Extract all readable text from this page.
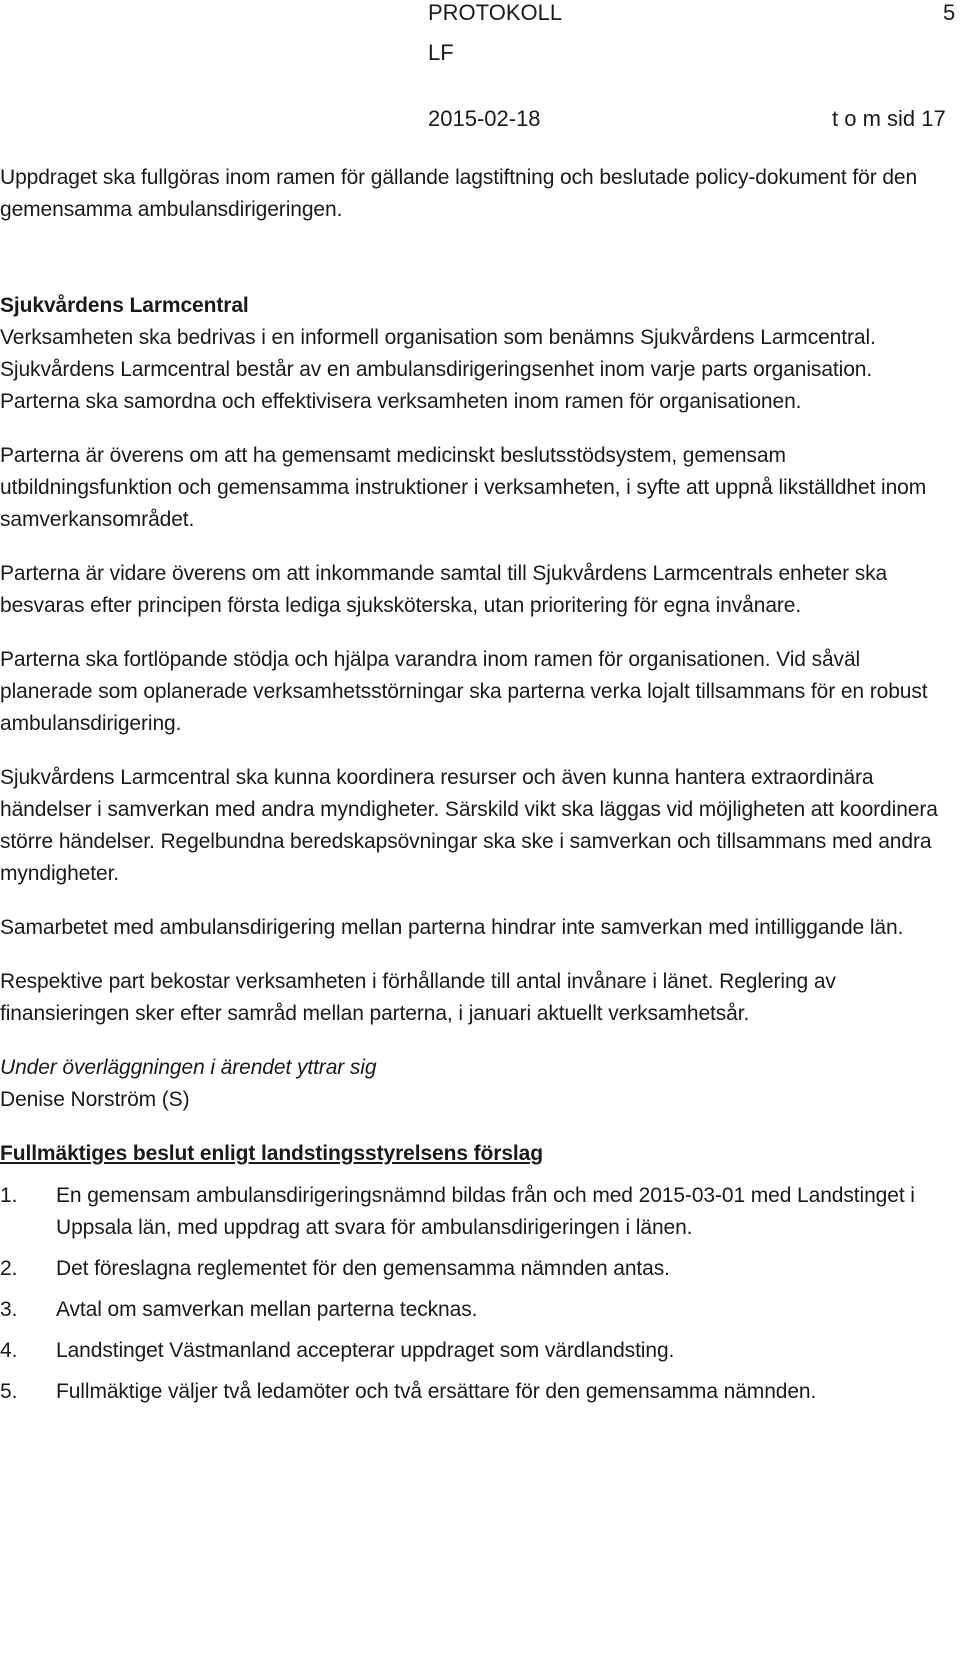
PROTOKOLL	5
LF
2015-02-18	t o m sid 17

Uppdraget ska fullgöras inom ramen för gällande lagstiftning och beslutade policy-dokument för den gemensamma ambulansdirigeringen.

Sjukvårdens Larmcentral

Verksamheten ska bedrivas i en informell organisation som benämns Sjukvårdens Larmcentral. Sjukvårdens Larmcentral består av en ambulansdirigeringsenhet inom varje parts organisation. Parterna ska samordna och effektivisera verksamheten inom ramen för organisationen.

Parterna är överens om att ha gemensamt medicinskt beslutsstödsystem, gemensam utbildningsfunktion och gemensamma instruktioner i verksamheten, i syfte att uppnå likställdhet inom samverkansområdet.

Parterna är vidare överens om att inkommande samtal till Sjukvårdens Larmcentrals enheter ska besvaras efter principen första lediga sjuksköterska, utan prioritering för egna invånare.

Parterna ska fortlöpande stödja och hjälpa varandra inom ramen för organisationen. Vid såväl planerade som oplanerade verksamhetsstörningar ska parterna verka lojalt tillsammans för en robust ambulansdirigering.

Sjukvårdens Larmcentral ska kunna koordinera resurser och även kunna hantera extraordinära händelser i samverkan med andra myndigheter. Särskild vikt ska läggas vid möjligheten att koordinera större händelser. Regelbundna beredskapsövningar ska ske i samverkan och tillsammans med andra myndigheter.

Samarbetet med ambulansdirigering mellan parterna hindrar inte samverkan med intilliggande län.

Respektive part bekostar verksamheten i förhållande till antal invånare i länet. Reglering av finansieringen sker efter samråd mellan parterna, i januari aktuellt verksamhetsår.

Under överläggningen i ärendet yttrar sig

Denise Norström (S)

Fullmäktiges beslut enligt landstingsstyrelsens förslag

1.	En gemensam ambulansdirigeringsnämnd bildas från och med 2015-03-01 med Landstinget i Uppsala län, med uppdrag att svara för ambulansdirigeringen i länen.
2.	Det föreslagna reglementet för den gemensamma nämnden antas.
3.	Avtal om samverkan mellan parterna tecknas.
4.	Landstinget Västmanland accepterar uppdraget som värdlandsting.
5.	Fullmäktige väljer två ledamöter och två ersättare för den gemensamma nämnden.
